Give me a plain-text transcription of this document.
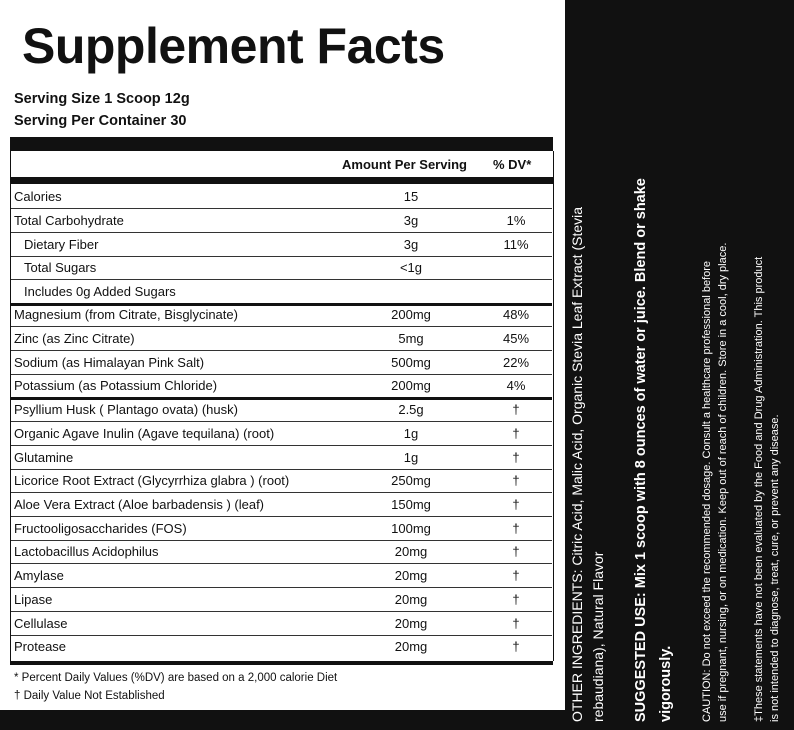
Supplement Facts
Serving Size 1 Scoop 12g
Serving Per Container 30
Amount Per Serving % DV*
Calories	15
Total Carbohydrate	3g	1%
Dietary Fiber	3g	11%
Total Sugars	<1g
Includes 0g Added Sugars
Magnesium (from Citrate, Bisglycinate)	200mg	48%
Zinc (as Zinc Citrate)	5mg	45%
Sodium (as Himalayan Pink Salt)	500mg	22%
Potassium (as Potassium Chloride)	200mg	4%
Psyllium Husk ( Plantago ovata) (husk)	2.5g	†
Organic Agave Inulin (Agave tequilana) (root)	1g	†
Glutamine	1g	†
Licorice Root Extract (Glycyrrhiza glabra ) (root)	250mg	†
Aloe Vera Extract (Aloe barbadensis ) (leaf)	150mg	†
Fructooligosaccharides (FOS)	100mg	†
Lactobacillus Acidophilus	20mg	†
Amylase	20mg	†
Lipase	20mg	†
Cellulase	20mg	†
Protease	20mg	†
* Percent Daily Values (%DV) are based on a 2,000 calorie Diet
† Daily Value Not Established	OTHER INGREDIENTS: Citric Acid, Malic Acid, Organic Stevia Leaf Extract (Stevia rebaudiana), Natural Flavor SUGGESTED USE: Mix 1 scoop with 8 ounces of water or juice. Blend or shake vigorously.	CAUTION: Do not exceed the recommended dosage. Consult a healthcare professional before use if pregnant, nursing, or on medication. Keep out of reach of children. Store in a cool, dry place. ‡These statements have not been evaluated by the Food and Drug Administration. This product is not intended to diagnose, treat, cure, or prevent any disease.
